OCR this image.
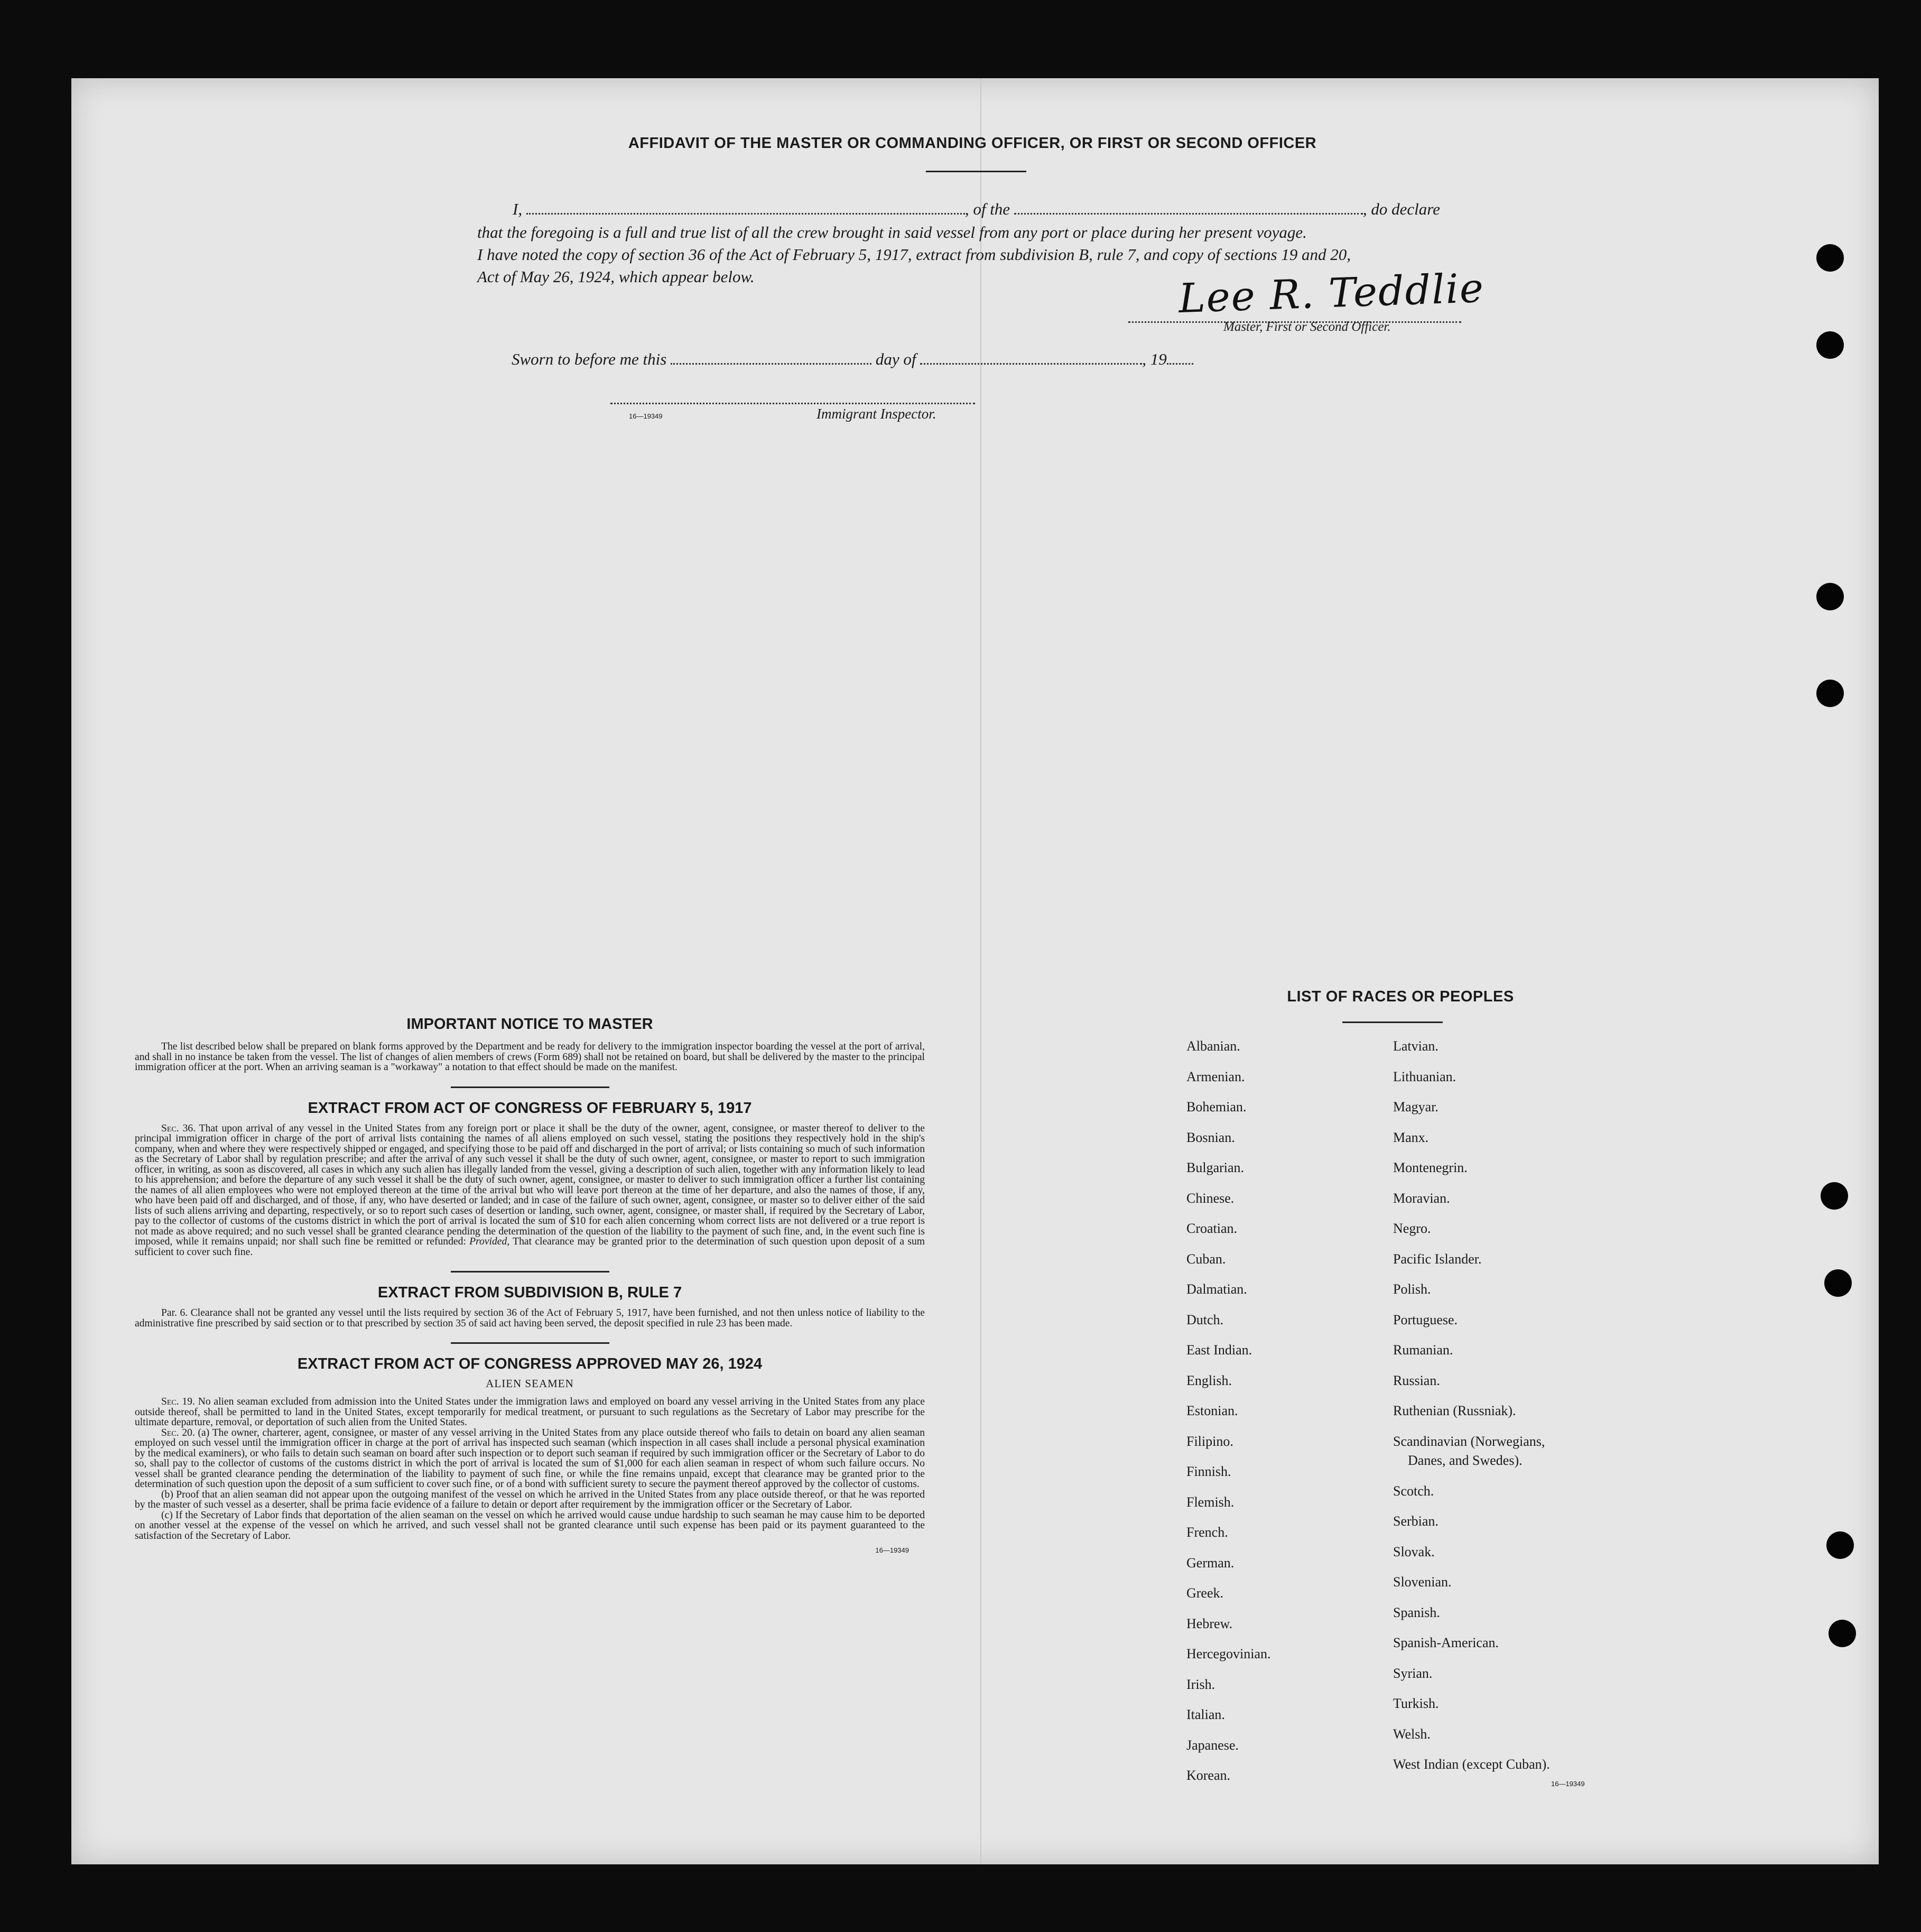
AFFIDAVIT OF THE MASTER OR COMMANDING OFFICER, OR FIRST OR SECOND OFFICER
I,	, of the	, do declare
that the foregoing is a full and true list of all the crew brought in said vessel from any port or place during her present voyage.
I have noted the copy of section 36 of the Act of February 5, 1917, extract from subdivision B, rule 7, and copy of sections 19 and 20,
Act of May 26, 1924, which appear below.	Lee R. Teddlie
Master, First or Second Officer.
Sworn to before me this	day of	, 19
16—19349	Immigrant Inspector.
IMPORTANT NOTICE TO MASTER
The list described below shall be prepared on blank forms approved by the Department and be ready for delivery to the immigration inspector boarding the vessel at the port of arrival, and shall in no instance be taken from the vessel. The list of changes of alien members of crews (Form 689) shall not be retained on board, but shall be delivered by the master to the principal immigration officer at the port. When an arriving seaman is a "workaway" a notation to that effect should be made on the manifest.
EXTRACT FROM ACT OF CONGRESS OF FEBRUARY 5, 1917
Sec. 36. That upon arrival of any vessel in the United States from any foreign port or place it shall be the duty of the owner, agent, consignee, or master thereof to deliver to the principal immigration officer in charge of the port of arrival lists containing the names of all aliens employed on such vessel, stating the positions they respectively hold in the ship's company, when and where they were respectively shipped or engaged, and specifying those to be paid off and discharged in the port of arrival; or lists containing so much of such information as the Secretary of Labor shall by regulation prescribe; and after the arrival of any such vessel it shall be the duty of such owner, agent, consignee, or master to report to such immigration officer, in writing, as soon as discovered, all cases in which any such alien has illegally landed from the vessel, giving a description of such alien, together with any information likely to lead to his apprehension; and before the departure of any such vessel it shall be the duty of such owner, agent, consignee, or master to deliver to such immigration officer a further list containing the names of all alien employees who were not employed thereon at the time of the arrival but who will leave port thereon at the time of her departure, and also the names of those, if any, who have been paid off and discharged, and of those, if any, who have deserted or landed; and in case of the failure of such owner, agent, consignee, or master so to deliver either of the said lists of such aliens arriving and departing, respectively, or so to report such cases of desertion or landing, such owner, agent, consignee, or master shall, if required by the Secretary of Labor, pay to the collector of customs of the customs district in which the port of arrival is located the sum of $10 for each alien concerning whom correct lists are not delivered or a true report is not made as above required; and no such vessel shall be granted clearance pending the determination of the question of the liability to the payment of such fine, and, in the event such fine is imposed, while it remains unpaid; nor shall such fine be remitted or refunded: Provided, That clearance may be granted prior to the determination of such question upon deposit of a sum sufficient to cover such fine.
EXTRACT FROM SUBDIVISION B, RULE 7
Par. 6. Clearance shall not be granted any vessel until the lists required by section 36 of the Act of February 5, 1917, have been furnished, and not then unless notice of liability to the administrative fine prescribed by said section or to that prescribed by section 35 of said act having been served, the deposit specified in rule 23 has been made.
EXTRACT FROM ACT OF CONGRESS APPROVED MAY 26, 1924
ALIEN SEAMEN
Sec. 19. No alien seaman excluded from admission into the United States under the immigration laws and employed on board any vessel arriving in the United States from any place outside thereof, shall be permitted to land in the United States, except temporarily for medical treatment, or pursuant to such regulations as the Secretary of Labor may prescribe for the ultimate departure, removal, or deportation of such alien from the United States.
Sec. 20. (a) The owner, charterer, agent, consignee, or master of any vessel arriving in the United States from any place outside thereof who fails to detain on board any alien seaman employed on such vessel until the immigration officer in charge at the port of arrival has inspected such seaman (which inspection in all cases shall include a personal physical examination by the medical examiners), or who fails to detain such seaman on board after such inspection or to deport such seaman if required by such immigration officer or the Secretary of Labor to do so, shall pay to the collector of customs of the customs district in which the port of arrival is located the sum of $1,000 for each alien seaman in respect of whom such failure occurs. No vessel shall be granted clearance pending the determination of the liability to payment of such fine, or while the fine remains unpaid, except that clearance may be granted prior to the determination of such question upon the deposit of a sum sufficient to cover such fine, or of a bond with sufficient surety to secure the payment thereof approved by the collector of customs.
(b) Proof that an alien seaman did not appear upon the outgoing manifest of the vessel on which he arrived in the United States from any place outside thereof, or that he was reported by the master of such vessel as a deserter, shall be prima facie evidence of a failure to detain or deport after requirement by the immigration officer or the Secretary of Labor.
(c) If the Secretary of Labor finds that deportation of the alien seaman on the vessel on which he arrived would cause undue hardship to such seaman he may cause him to be deported on another vessel at the expense of the vessel on which he arrived, and such vessel shall not be granted clearance until such expense has been paid or its payment guaranteed to the satisfaction of the Secretary of Labor.
16—19349
LIST OF RACES OR PEOPLES
Albanian.
Armenian.
Bohemian.
Bosnian.
Bulgarian.
Chinese.
Croatian.
Cuban.
Dalmatian.
Dutch.
East Indian.
English.
Estonian.
Filipino.
Finnish.
Flemish.
French.
German.
Greek.
Hebrew.
Hercegovinian.
Irish.
Italian.
Japanese.
Korean.
Latvian.
Lithuanian.
Magyar.
Manx.
Montenegrin.
Moravian.
Negro.
Pacific Islander.
Polish.
Portuguese.
Rumanian.
Russian.
Ruthenian (Russniak).
Scandinavian (Norwegians,
Danes, and Swedes).
Scotch.
Serbian.
Slovak.
Slovenian.
Spanish.
Spanish-American.
Syrian.
Turkish.
Welsh.
West Indian (except Cuban).
16—19349
